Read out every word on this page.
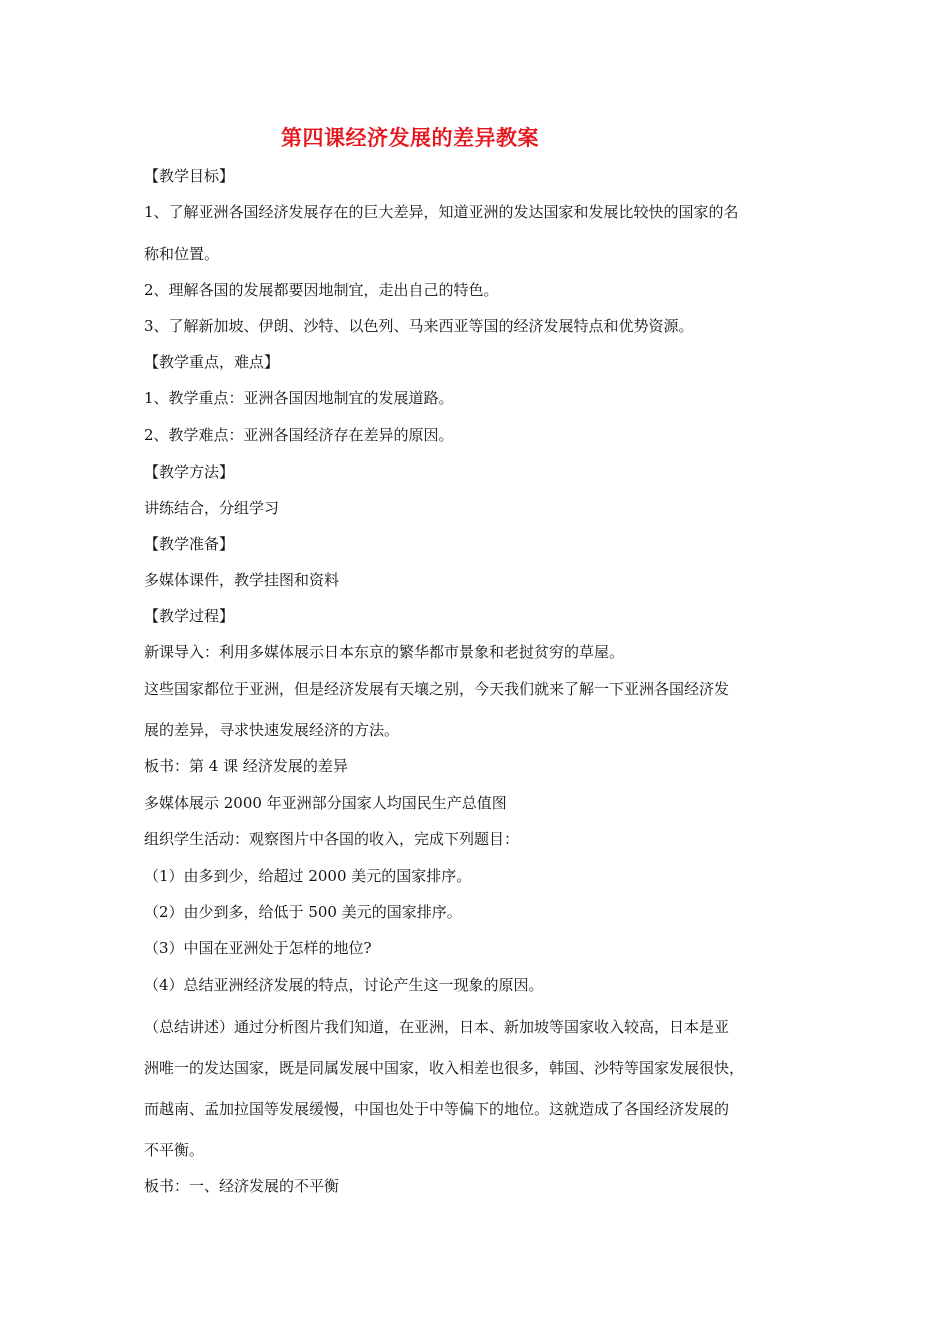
第四课经济发展的差异教案
【教学目标】
1、了解亚洲各国经济发展存在的巨大差异，知道亚洲的发达国家和发展比较快的国家的名
称和位置。
2、理解各国的发展都要因地制宜，走出自己的特色。
3、了解新加坡、伊朗、沙特、以色列、马来西亚等国的经济发展特点和优势资源。
【教学重点，难点】
1、教学重点：亚洲各国因地制宜的发展道路。
2、教学难点：亚洲各国经济存在差异的原因。
【教学方法】
讲练结合，分组学习
【教学准备】
多媒体课件，教学挂图和资料
【教学过程】
新课导入：利用多媒体展示日本东京的繁华都市景象和老挝贫穷的草屋。
这些国家都位于亚洲，但是经济发展有天壤之别，今天我们就来了解一下亚洲各国经济发
展的差异，寻求快速发展经济的方法。
板书：第 4 课 经济发展的差异
多媒体展示 2000 年亚洲部分国家人均国民生产总值图
组织学生活动：观察图片中各国的收入，完成下列题目：
（1）由多到少，给超过 2000 美元的国家排序。
（2）由少到多，给低于 500 美元的国家排序。
（3）中国在亚洲处于怎样的地位?
（4）总结亚洲经济发展的特点，讨论产生这一现象的原因。
（总结讲述）通过分析图片我们知道，在亚洲，日本、新加坡等国家收入较高，日本是亚
洲唯一的发达国家，既是同属发展中国家，收入相差也很多，韩国、沙特等国家发展很快，
而越南、孟加拉国等发展缓慢，中国也处于中等偏下的地位。这就造成了各国经济发展的
不平衡。
板书：一、经济发展的不平衡
